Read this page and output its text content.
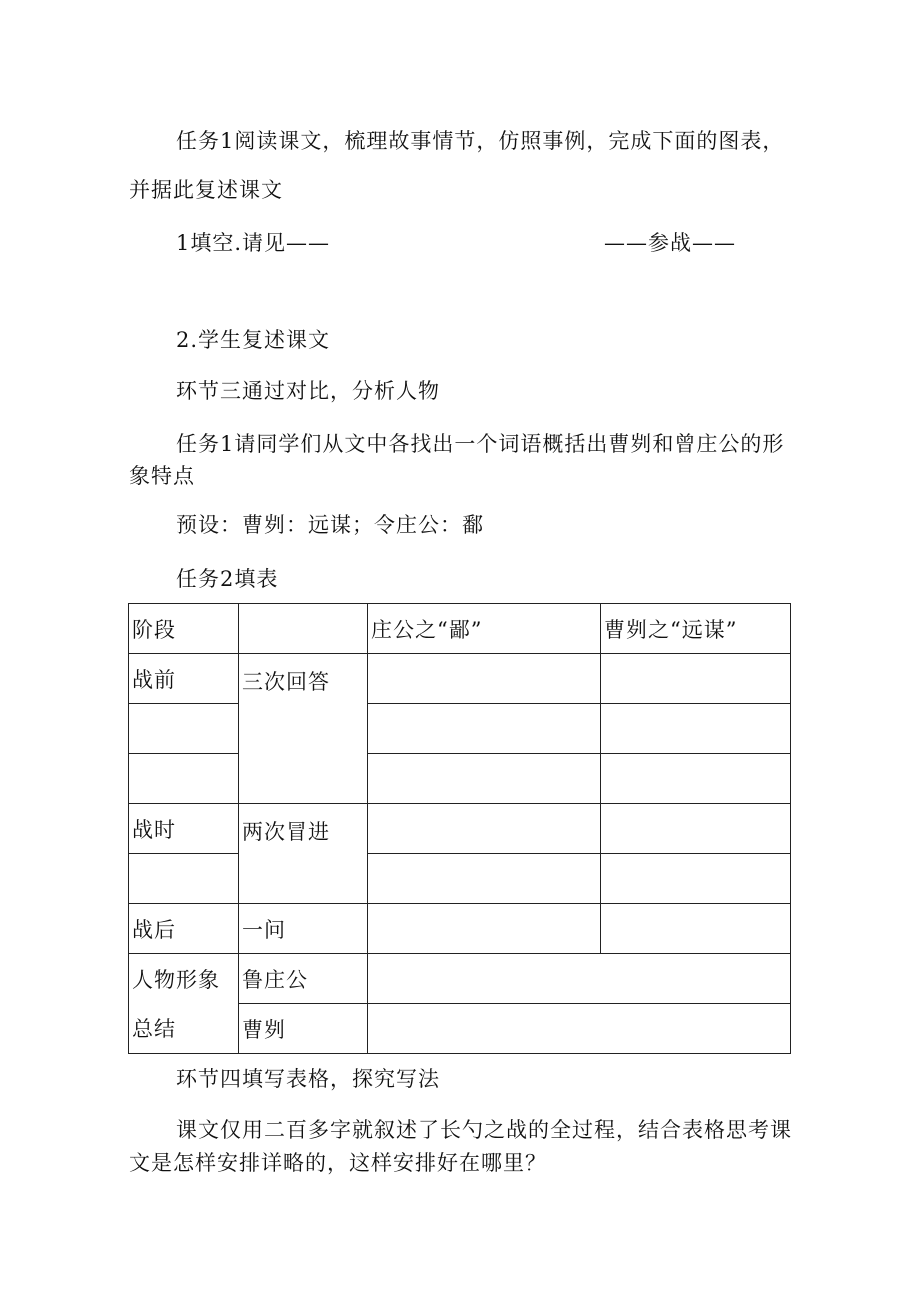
任务1阅读课文，梳理故事情节，仿照事例，完成下面的图表，
并据此复述课文
1填空.请见——	——参战——
2.学生复述课文
环节三通过对比，分析人物
任务1请同学们从文中各找出一个词语概括出曹刿和曾庄公的形
象特点
预设：曹刿：远谋；令庄公：鄱
任务2填表
阶段		庄公之“鄙”	曹刿之“远谋”
战前	三次回答		

战时	两次冒进		

战后	一问		
人物形象	鲁庄公		
总结	曹刿		
环节四填写表格，探究写法
课文仅用二百多字就叙述了长勺之战的全过程，结合表格思考课
文是怎样安排详略的，这样安排好在哪里？
